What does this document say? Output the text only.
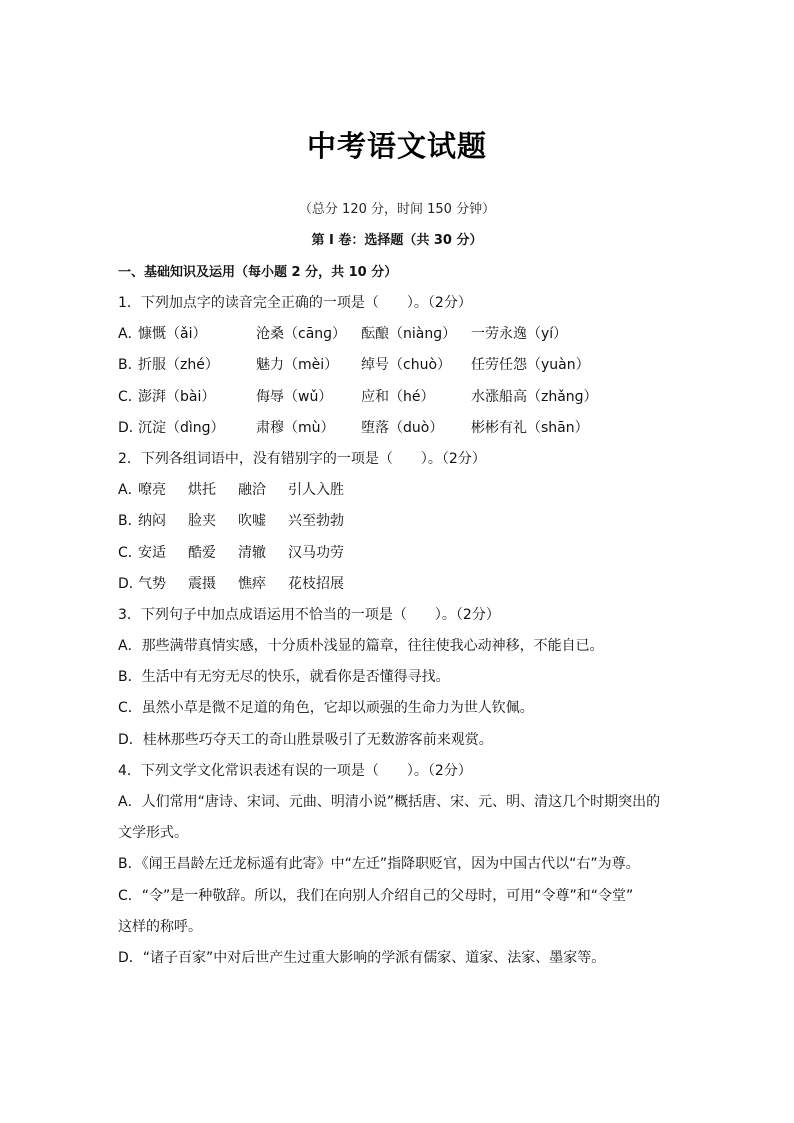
中考语文试题
（总分 120 分，时间 150 分钟）
第 I 卷：选择题（共 30 分）
一、基础知识及运用（每小题 2 分，共 10 分）
1．下列加点字的读音完全正确的一项是（　　）。（2分）
A．慷慨（ǎi）	沧桑（cānɡ） 酝酿（niànɡ） 一劳永逸（yí）
B．折服（zhé）	魅力（mèi） 绰号（chuò） 任劳任怨（yuàn）
C．澎湃（bài）	侮辱（wǔ） 应和（hé）	水涨船高（zhǎnɡ）
D．沉淀（dìnɡ） 肃穆（mù） 堕落（duò） 彬彬有礼（shān）
2．下列各组词语中，没有错别字的一项是（　　）。（2分）
A．嘹亮 烘托 融洽 引人入胜
B．纳闷 脸夹 吹嘘 兴至勃勃
C．安适 酷爱 清辙 汉马功劳
D．气势 震摄 憔瘁 花枝招展
3．下列句子中加点成语运用不恰当的一项是（　　）。（2分）
A．那些满带真情实感，十分质朴浅显的篇章，往往使我心动神移，不能自已。
B．生活中有无穷无尽的快乐，就看你是否懂得寻找。
C．虽然小草是微不足道的角色，它却以顽强的生命力为世人钦佩。
D．桂林那些巧夺天工的奇山胜景吸引了无数游客前来观赏。
4．下列文学文化常识表述有误的一项是（　　）。（2分）
A．人们常用“唐诗、宋词、元曲、明清小说”概括唐、宋、元、明、清这几个时期突出的
文学形式。
B．《闻王昌龄左迁龙标遥有此寄》中“左迁”指降职贬官，因为中国古代以“右”为尊。
C．“令”是一种敬辞。所以，我们在向别人介绍自己的父母时，可用“令尊”和“令堂”
这样的称呼。
D．“诸子百家”中对后世产生过重大影响的学派有儒家、道家、法家、墨家等。
